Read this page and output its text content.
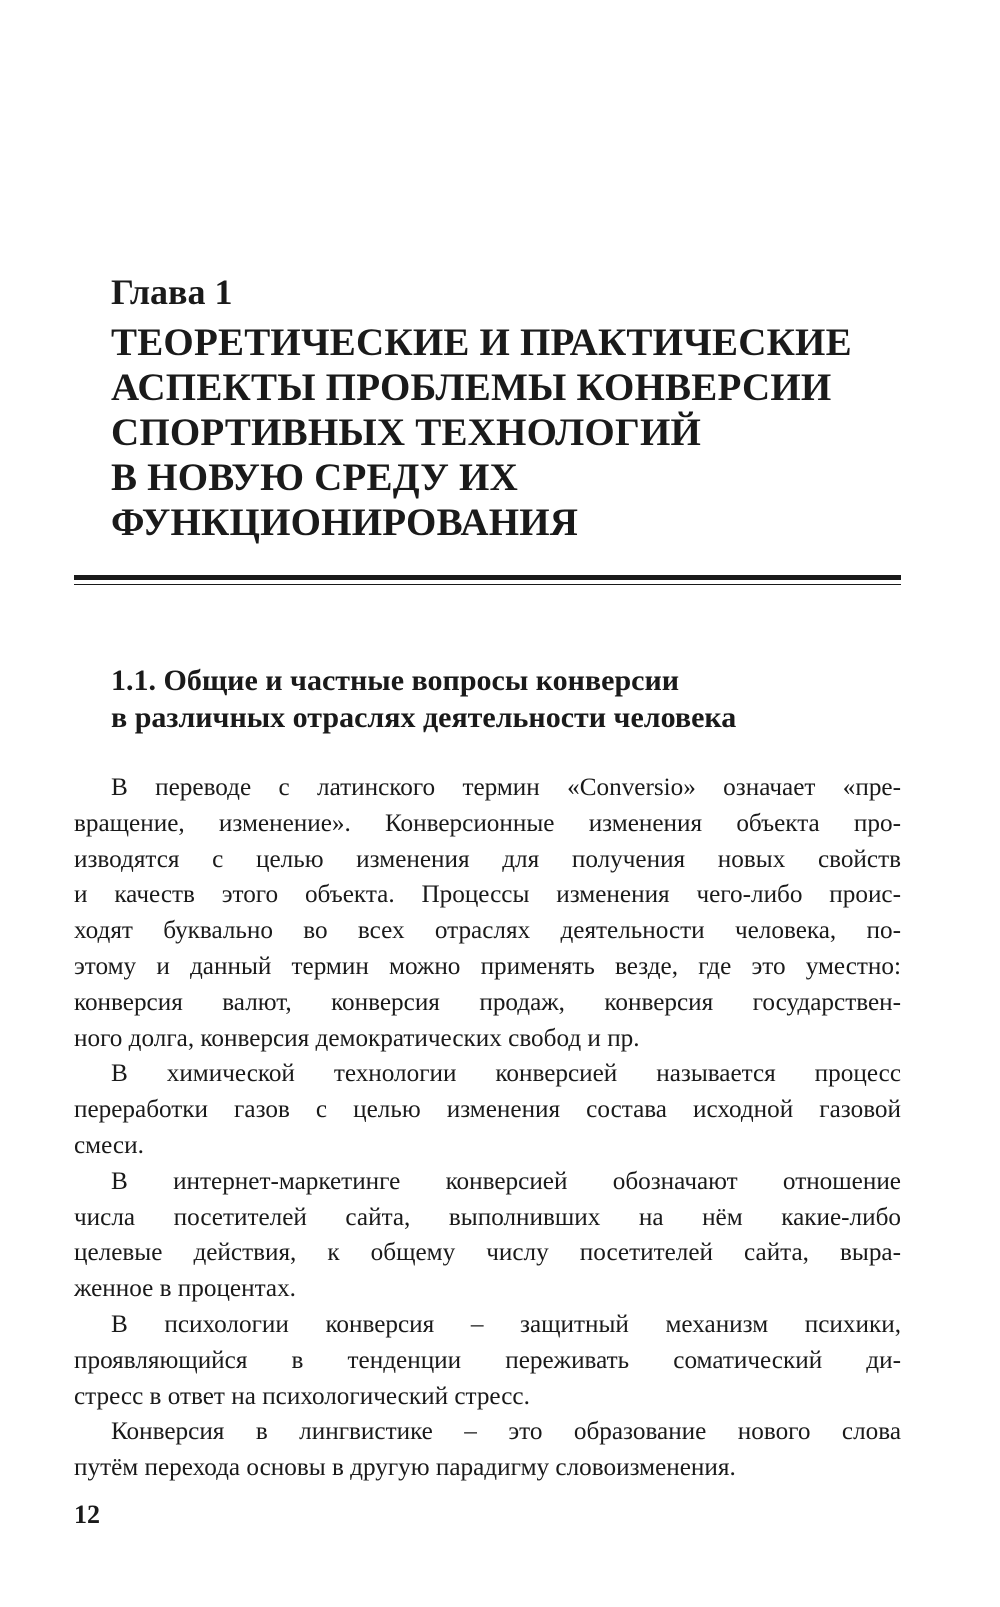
Глава 1
ТЕОРЕТИЧЕСКИЕ И ПРАКТИЧЕСКИЕ
АСПЕКТЫ ПРОБЛЕМЫ КОНВЕРСИИ
СПОРТИВНЫХ ТЕХНОЛОГИЙ
В НОВУЮ СРЕДУ ИХ
ФУНКЦИОНИРОВАНИЯ
1.1. Общие и частные вопросы конверсии
в различных отраслях деятельности человека

В переводе с латинского термин «Conversio» означает «пре-
вращение, изменение». Конверсионные изменения объекта про-
изводятся с целью изменения для получения новых свойств
и качеств этого объекта. Процессы изменения чего-либо проис-
ходят буквально во всех отраслях деятельности человека, по-
этому и данный термин можно применять везде, где это уместно:
конверсия валют, конверсия продаж, конверсия государствен-
ного долга, конверсия демократических свобод и пр.

В химической технологии конверсией называется процесс
переработки газов с целью изменения состава исходной газовой
смеси.

В интернет-маркетинге конверсией обозначают отношение
числа посетителей сайта, выполнивших на нём какие-либо
целевые действия, к общему числу посетителей сайта, выра-
женное в процентах.

В психологии конверсия – защитный механизм психики,
проявляющийся в тенденции переживать соматический ди-
стресс в ответ на психологический стресс.

Конверсия в лингвистике – это образование нового слова
путём перехода основы в другую парадигму словоизменения.

12
